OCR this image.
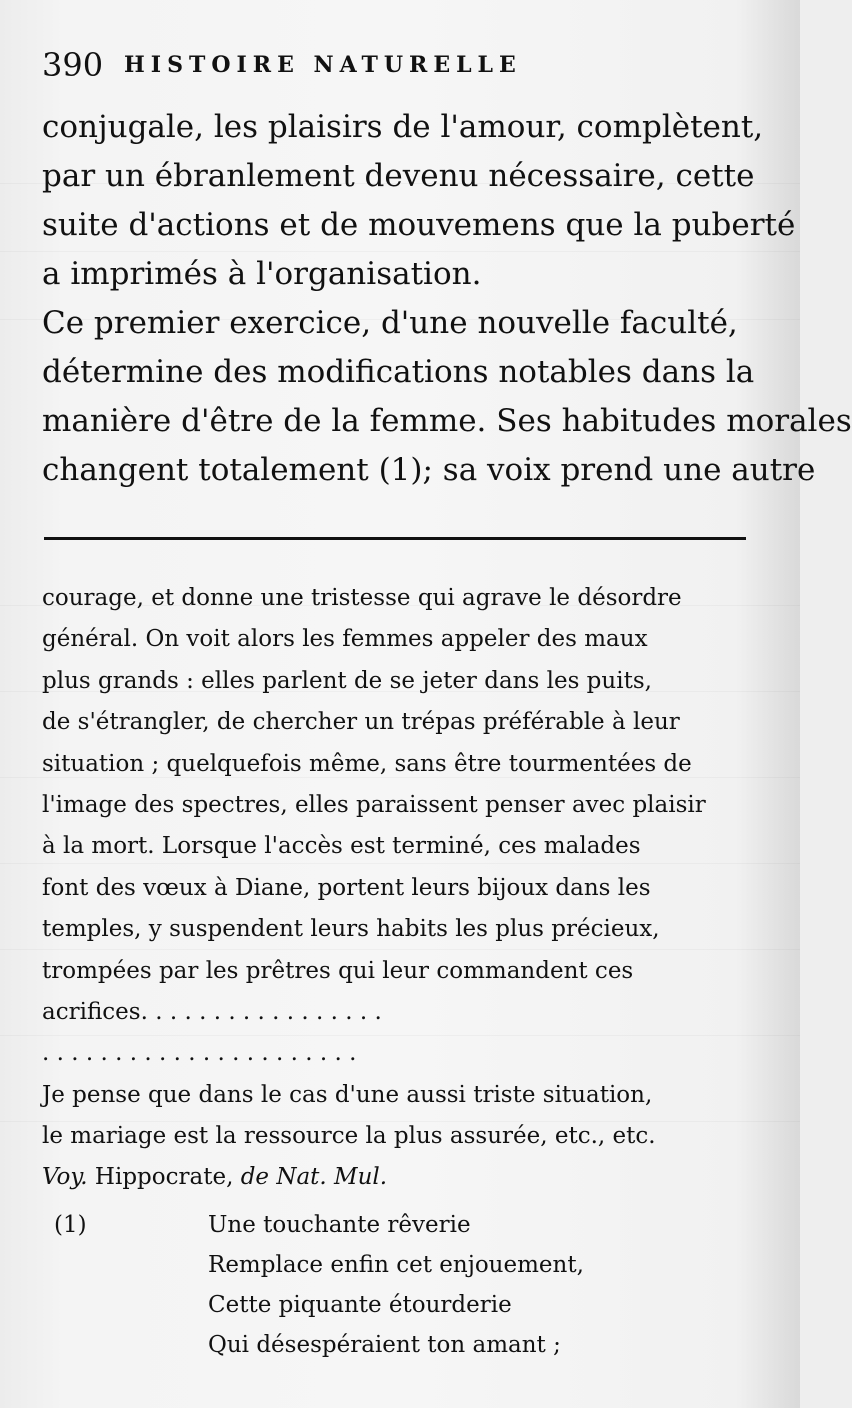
390 HISTOIRE NATURELLE
conjugale, les plaisirs de l'amour, complètent,
par un ébranlement devenu nécessaire, cette
suite d'actions et de mouvemens que la puberté
a imprimés à l'organisation.
Ce premier exercice, d'une nouvelle faculté,
détermine des modifications notables dans la
manière d'être de la femme. Ses habitudes morales
changent totalement (1); sa voix prend une autre
courage, et donne une tristesse qui agrave le désordre
général. On voit alors les femmes appeler des maux
plus grands : elles parlent de se jeter dans les puits,
de s'étrangler, de chercher un trépas préférable à leur
situation ; quelquefois même, sans être tourmentées de
l'image des spectres, elles paraissent penser avec plaisir
à la mort. Lorsque l'accès est terminé, ces malades
font des vœux à Diane, portent leurs bijoux dans les
temples, y suspendent leurs habits les plus précieux,
trompées par les prêtres qui leur commandent ces
acrifices. . . . . . . . . . . . . . . . .
. . . . . . . . . . . . . . . . . . . . . .
Je pense que dans le cas d'une aussi triste situation,
le mariage est la ressource la plus assurée, etc., etc.
Voy. Hippocrate, de Nat. Mul.
(1)	Une touchante rêverie
Remplace enfin cet enjouement,
Cette piquante étourderie
Qui désespéraient ton amant ;
